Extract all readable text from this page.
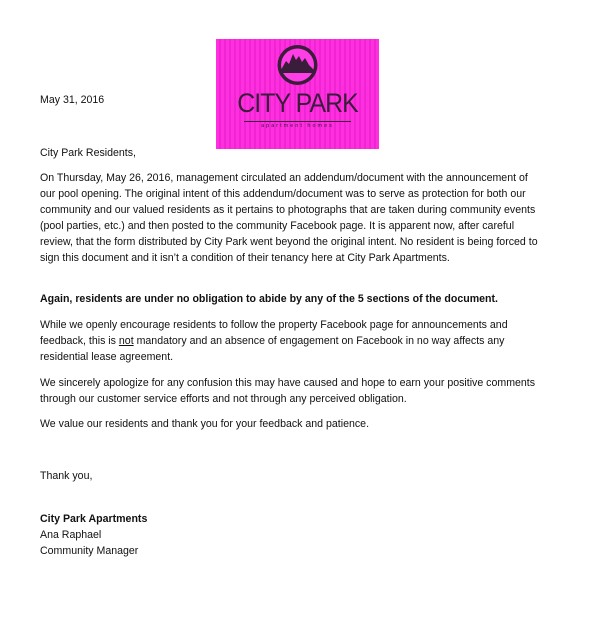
CITY PARK
apartment homes
May 31, 2016
City Park Residents,
On Thursday, May 26, 2016, management circulated an addendum/document with the announcement of our pool opening. The original intent of this addendum/document was to serve as protection for both our community and our valued residents as it pertains to photographs that are taken during community events (pool parties, etc.) and then posted to the community Facebook page. It is apparent now, after careful review, that the form distributed by City Park went beyond the original intent. No resident is being forced to sign this document and it isn’t a condition of their tenancy here at City Park Apartments.
Again, residents are under no obligation to abide by any of the 5 sections of the document.
While we openly encourage residents to follow the property Facebook page for announcements and feedback, this is not mandatory and an absence of engagement on Facebook in no way affects any residential lease agreement.
We sincerely apologize for any confusion this may have caused and hope to earn your positive comments through our customer service efforts and not through any perceived obligation.
We value our residents and thank you for your feedback and patience.
Thank you,
City Park Apartments
Ana Raphael
Community Manager
